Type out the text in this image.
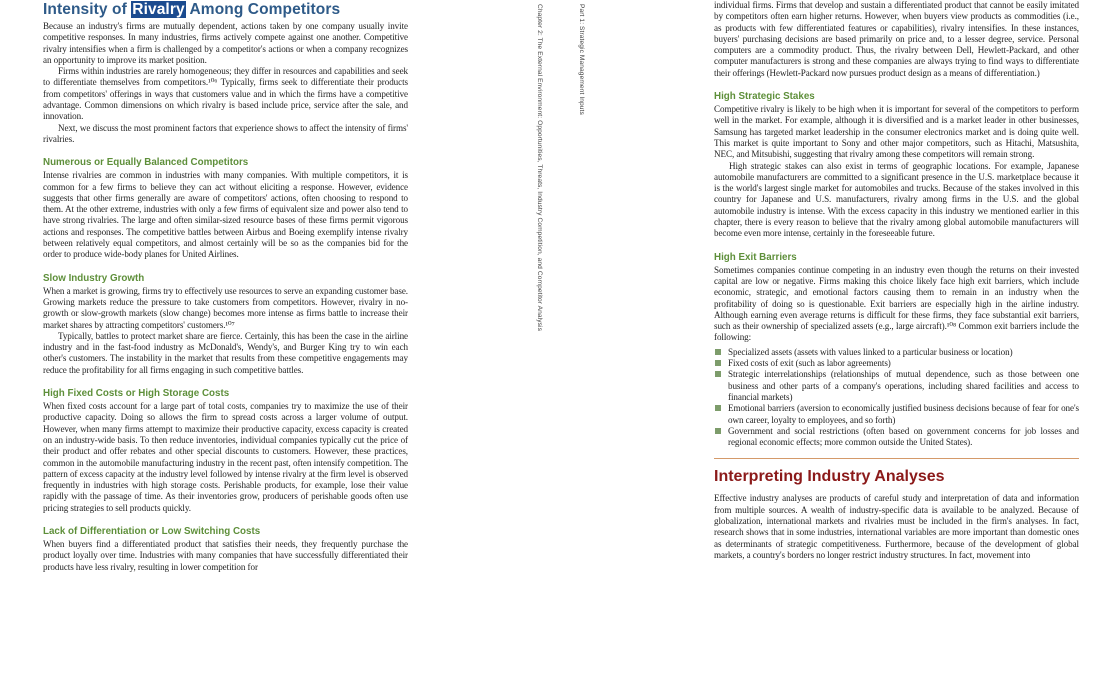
Intensity of Rivalry Among Competitors

Because an industry's firms are mutually dependent, actions taken by one company usually invite competitive responses. In many industries, firms actively compete against one another. Competitive rivalry intensifies when a firm is challenged by a competitor's actions or when a company recognizes an opportunity to improve its market position.

Firms within industries are rarely homogeneous; they differ in resources and capabilities and seek to differentiate themselves from competitors.¹⁰⁶ Typically, firms seek to differentiate their products from competitors' offerings in ways that customers value and in which the firms have a competitive advantage. Common dimensions on which rivalry is based include price, service after the sale, and innovation.

Next, we discuss the most prominent factors that experience shows to affect the intensity of firms' rivalries.

Numerous or Equally Balanced Competitors

Intense rivalries are common in industries with many companies. With multiple competitors, it is common for a few firms to believe they can act without eliciting a response. However, evidence suggests that other firms generally are aware of competitors' actions, often choosing to respond to them. At the other extreme, industries with only a few firms of equivalent size and power also tend to have strong rivalries. The large and often similar-sized resource bases of these firms permit vigorous actions and responses. The competitive battles between Airbus and Boeing exemplify intense rivalry between relatively equal competitors, and almost certainly will be so as the companies bid for the order to produce wide-body planes for United Airlines.

Slow Industry Growth

When a market is growing, firms try to effectively use resources to serve an expanding customer base. Growing markets reduce the pressure to take customers from competitors. However, rivalry in no-growth or slow-growth markets (slow change) becomes more intense as firms battle to increase their market shares by attracting competitors' customers.¹⁰⁷

Typically, battles to protect market share are fierce. Certainly, this has been the case in the airline industry and in the fast-food industry as McDonald's, Wendy's, and Burger King try to win each other's customers. The instability in the market that results from these competitive engagements may reduce the profitability for all firms engaging in such competitive battles.

High Fixed Costs or High Storage Costs

When fixed costs account for a large part of total costs, companies try to maximize the use of their productive capacity. Doing so allows the firm to spread costs across a larger volume of output. However, when many firms attempt to maximize their productive capacity, excess capacity is created on an industry-wide basis. To then reduce inventories, individual companies typically cut the price of their product and offer rebates and other special discounts to customers. However, these practices, common in the automobile manufacturing industry in the recent past, often intensify competition. The pattern of excess capacity at the industry level followed by intense rivalry at the firm level is observed frequently in industries with high storage costs. Perishable products, for example, lose their value rapidly with the passage of time. As their inventories grow, producers of perishable goods often use pricing strategies to sell products quickly.

Lack of Differentiation or Low Switching Costs

When buyers find a differentiated product that satisfies their needs, they frequently purchase the product loyally over time. Industries with many companies that have successfully differentiated their products have less rivalry, resulting in lower competition for

Chapter 2: The External Environment: Opportunities, Threats, Industry Competition, and Competitor Analysis	Part 1: Strategic Management Inputs	individual firms. Firms that develop and sustain a differentiated product that cannot be easily imitated by competitors often earn higher returns. However, when buyers view products as commodities (i.e., as products with few differentiated features or capabilities), rivalry intensifies. In these instances, buyers' purchasing decisions are based primarily on price and, to a lesser degree, service. Personal computers are a commodity product. Thus, the rivalry between Dell, Hewlett-Packard, and other computer manufacturers is strong and these companies are always trying to find ways to differentiate their offerings (Hewlett-Packard now pursues product design as a means of differentiation.)

High Strategic Stakes

Competitive rivalry is likely to be high when it is important for several of the competitors to perform well in the market. For example, although it is diversified and is a market leader in other businesses, Samsung has targeted market leadership in the consumer electronics market and is doing quite well. This market is quite important to Sony and other major competitors, such as Hitachi, Matsushita, NEC, and Mitsubishi, suggesting that rivalry among these competitors will remain strong.

High strategic stakes can also exist in terms of geographic locations. For example, Japanese automobile manufacturers are committed to a significant presence in the U.S. marketplace because it is the world's largest single market for automobiles and trucks. Because of the stakes involved in this country for Japanese and U.S. manufacturers, rivalry among firms in the U.S. and the global automobile industry is intense. With the excess capacity in this industry we mentioned earlier in this chapter, there is every reason to believe that the rivalry among global automobile manufacturers will become even more intense, certainly in the foreseeable future.

High Exit Barriers

Sometimes companies continue competing in an industry even though the returns on their invested capital are low or negative. Firms making this choice likely face high exit barriers, which include economic, strategic, and emotional factors causing them to remain in an industry when the profitability of doing so is questionable. Exit barriers are especially high in the airline industry. Although earning even average returns is difficult for these firms, they face substantial exit barriers, such as their ownership of specialized assets (e.g., large aircraft).¹⁰⁸ Common exit barriers include the following:

Specialized assets (assets with values linked to a particular business or location)
Fixed costs of exit (such as labor agreements)
Strategic interrelationships (relationships of mutual dependence, such as those between one business and other parts of a company's operations, including shared facilities and access to financial markets)
Emotional barriers (aversion to economically justified business decisions because of fear for one's own career, loyalty to employees, and so forth)
Government and social restrictions (often based on government concerns for job losses and regional economic effects; more common outside the United States).
Interpreting Industry Analyses

Effective industry analyses are products of careful study and interpretation of data and information from multiple sources. A wealth of industry-specific data is available to be analyzed. Because of globalization, international markets and rivalries must be included in the firm's analyses. In fact, research shows that in some industries, international variables are more important than domestic ones as determinants of strategic competitiveness. Furthermore, because of the development of global markets, a country's borders no longer restrict industry structures. In fact, movement into
